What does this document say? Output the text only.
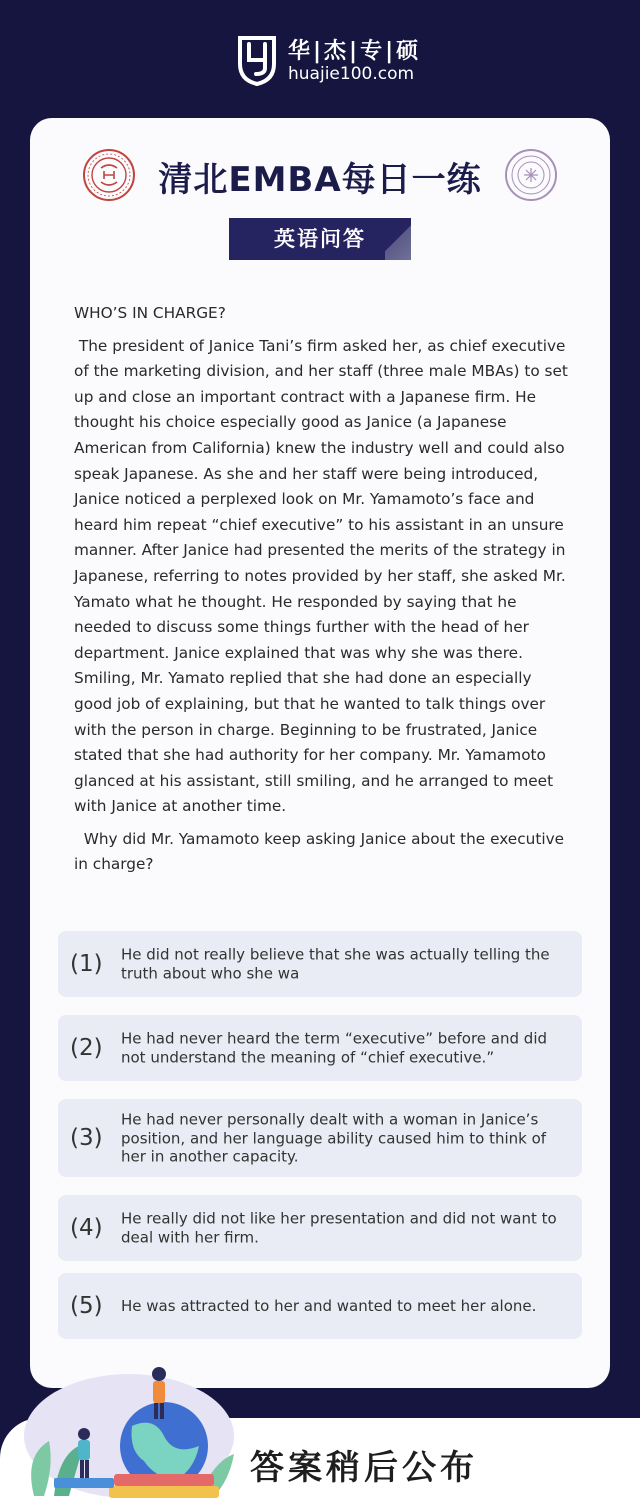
华|杰|专|硕
huajie100.com
清北EMBA每日一练
英语问答

WHO’S IN CHARGE?

The president of Janice Tani’s firm asked her, as chief executive of the marketing division, and her staff (three male MBAs) to set up and close an important contract with a Japanese firm. He thought his choice especially good as Janice (a Japanese American from California) knew the industry well and could also speak Japanese. As she and her staff were being introduced, Janice noticed a perplexed look on Mr. Yamamoto’s face and heard him repeat “chief executive” to his assistant in an unsure manner. After Janice had presented the merits of the strategy in Japanese, referring to notes provided by her staff, she asked Mr. Yamato what he thought. He responded by saying that he needed to discuss some things further with the head of her department. Janice explained that was why she was there. Smiling, Mr. Yamato replied that she had done an especially good job of explaining, but that he wanted to talk things over with the person in charge. Beginning to be frustrated, Janice stated that she had authority for her company. Mr. Yamamoto glanced at his assistant, still smiling, and he arranged to meet with Janice at another time.

Why did Mr. Yamamoto keep asking Janice about the executive in charge?

(1) He did not really believe that she was actually telling the truth about who she wa
(2) He had never heard the term “executive” before and did not understand the meaning of “chief executive.”
(3)
He had never personally dealt with a woman in Janice’s position, and her language ability caused him to think of her in another capacity.
(4) He really did not like her presentation and did not want to deal with her firm.
(5) He was attracted to her and wanted to meet her alone.
答案稍后公布
